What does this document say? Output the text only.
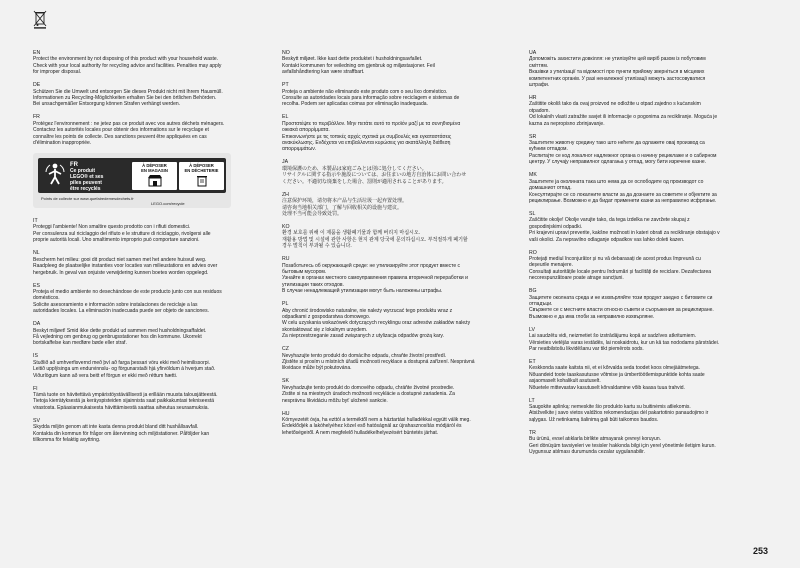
EN
Protect the environment by not disposing of this product with your household waste.
Check with your local authority for recycling advice and facilities. Penalties may apply
for improper disposal.
DE
Schützen Sie die Umwelt und entsorgen Sie dieses Produkt nicht mit Ihrem Hausmüll.
Informationen zu Recycling-Möglichkeiten erhalten Sie bei den örtlichen Behörden.
Bei unsachgemäßer Entsorgung können Strafen verhängt werden.
FR
Protégez l'environnement : ne jetez pas ce produit avec vos autres déchets ménagers.
Contactez les autorités locales pour obtenir des informations sur le recyclage et
connaître les points de collecte. Des sanctions peuvent être appliquées en cas
d'élimination inappropriée.
FR
Ce produit
LEGO® et ses
piles peuvent
être recyclés
À DÉPOSER
EN MAGASIN
À DÉPOSER
EN DÉCHETERIE
Points de collecte sur www.quefairedemesdechets.fr
LEGO.com/recycle
IT
Proteggi l'ambiente! Non smaltire questo prodotto con i rifiuti domestici.
Per consulenza sul riciclaggio del rifiuto e le strutture di riciclaggio, rivolgersi alle
proprie autorità locali. Uno smaltimento improprio può comportare sanzioni.
NL
Bescherm het milieu: gooi dit product niet samen met het andere huisvuil weg.
Raadpleeg de plaatselijke instanties voor locaties van milieustations en advies over
hergebruik. In geval van onjuiste verwijdering kunnen boetes worden opgelegd.
ES
Proteja el medio ambiente no desechándose de este producto junto con sus residuos
domésticos.
Solicite asesoramiento e información sobre instalaciones de reciclaje a las
autoridades locales. La eliminación inadecuada puede ser objeto de sanciones.
DA
Beskyt miljøet! Smid ikke dette produkt ud sammen med husholdningsaffaldet.
Få vejledning om genbrug og genbrugsstationer hos din kommune. Ukorrekt
bortskaffelse kan medføre bøde eller straf.
IS
Stuðlið að umhverfisvernd með því að farga þessari vöru ekki með heimilissorpi.
Leitið upplýsinga um endurvinnslu- og förgunarstaði hjá yfirvöldum á hverjum stað.
Viðurlögum kann að vera beitt ef förgun er ekki með réttum hætti.
FI
Tämä tuote on hävitettävä ympäristöystävällisesti ja erillään muusta talousjätteestä.
Tietoja kierrätyksestä ja keräyspisteiden sijainnista saat paikkakuntasi tekniseestä
virastosta. Epäasianmukaisesta hävittämisestä saattaa aiheutua seuraamuksia.
SV
Skydda miljön genom att inte kasta denna produkt bland ditt hushållsavfall.
Kontakta din kommun för frågor om återvinning och miljöstationer. Påföljder kan
tillkomma för felaktig avyttring.
NO
Beskytt miljøet. Ikke kast dette produktet i husholdningsavfallet.
Kontakt kommunen for veiledning om gjenbruk og miljøstasjoner. Feil
avfallshåndtering kan være straffbart.
PT
Proteja o ambiente não eliminando este produto com o seu lixo doméstico.
Consulte as autoridades locais para informação sobre reciclagem e sistemas de
recolha. Podem ser aplicadas coimas por eliminação inadequada.
EL
Προστατέψτε το περιβάλλον. Μην πετάτε αυτό το προϊόν μαζί με τα συνηθισμένα
οικιακά απορρίμματα.
Επικοινωνήστε με τις τοπικές αρχές σχετικά με συμβουλές και εγκαταστάσεις
ανακύκλωσης. Ενδέχεται να επιβαλλονται κυρώσεις για ακατάλληλη διάθεση
απορριμμάτων.
JA
環境保護のため、本製品は家庭ごみとは別に処分してください。
リサイクルに関する指示や施設については、お住まいの地方自治体にお問い合わせ
ください。不適切な廃棄をした場合、罰則が適用されることがあります。
ZH
注意保护环境，请勿将本产品与生活垃圾一起弃置处理。
请咨询当地相关部门，了解与回收相关的设施与建议。
处理不当可能会导致处罚。
KO
환경 보호를 위해 이 제품을 생활폐기물과 함께 버리지 마십시오.
재활용 방법 및 시설에 관한 사항은 현지 관계 당국에 문의하십시오. 부적절하게 폐기할
경우 벌칙이 부과될 수 있습니다.
RU
Позаботьтесь об окружающей среде: не утилизируйте этот продукт вместе с
бытовым мусором.
Узнайте в органах местного самоуправления правила вторичной переработки и
утилизации таких отходов.
В случае ненадлежащей утилизации могут быть наложены штрафы.
PL
Aby chronić środowisko naturalne, nie należy wyrzucać tego produktu wraz z
odpadkami z gospodarstwa domowego.
W celu uzyskania wskazówek dotyczących recyklingu oraz adresów zakładów należy
skontaktować się z lokalnym urzędem.
Za nieprzestrzeganie zasad związanych z utylizacja odpadów grożą kary.
CZ
Nevyhazujte tento produkt do domácího odpadu, chraňte životní prostředí.
Zjistěte si prosím u místních úřadů možnosti recyklace a dostupná zařízení. Nesprávná
likvidace může být pokutována.
SK
Nevyhadzujte tento produkt do domového odpadu, chráňte životné prostredie.
Zistite si na miestnych úradoch možnosti recyklácie a dostupné zariadenia. Za
nesprávnu likvidáciu môžu byť uložené sankcie.
HU
Környezetét óvja, ha ezttól a terméktől nem a háztartási hulladékkal együtt válik meg.
Érdeklődjék a lakóhelyéhez közel eső hatóságnál az újrahasznosítás módjáról és
lehetőségeiről. A nem megfelelő hulladékelhelyezésért büntetés járhat.
UA
Допоможіть захистити довкілля: не утилізуйте цей виріб разом із побутовим
сміттям.
Вказівки з утилізації та відомості про пункти прийому зверніться в місцевих
компетентних органів. У разі неналежної утилізації можуть застосовуватися
штрафи.
HR
Zaštitite okoliš tako da ovaj proizvod ne odložite u otpad zajedno s kućanskim
otpadom.
Od lokalnih vlasti zatražite savjet ili informacije o pogonima za recikliranje. Moguća je
kazna za nepropisno zbrinjavanje.
SR
Заштитите животну средину тако што нећете да одлажете овај производ са
кућним отпадом.
Распитајте се код локалног надлежног органа о начину рециклаже и о сабирном
центру. У случају неправилног одлагања у отпад, могу бити изречене казне.
MK
Заштитете ја околината така што нема да се ослободите од производот со
домашниот отпад.
Консултирајте се со локалните власти за да дознаете за советите и објектите за
рециклирање. Возможно е да бидат применети казни за неправилно исфрлање.
SL
Zaščitite okolje! Okolje varujte tako, da tega izdelka ne zavržete skupaj z
gospodinjskimi odpadki.
Pri krajevni upravi preverite, kakšne možnosti in kateri obrati za recikliranje obstajajo v
vaši okolici. Za nepravilno odlaganje odpadkov vas lahko doleti kazen.
RO
Protejați mediul înconjurător și nu vă debarasați de acest produs împreună cu
deșeurile menajere.
Consultați autoritățile locale pentru îndrumări și facilități de reciclare. Dezafectarea
necorespunzătoare poate atrage sancțiuni.
BG
Защитете околната среда и не изхвърляйте този продукт заедно с битовите си
отпадъци.
Свържете се с местните власти относно съвети и съоръжения за рециклиране.
Възможно е да има глоби за неправилно изхвърляне.
LV
Lai saudzētu vidi, neizmetiet šo izstrādājumu kopā ar sadzīves atkritumiem.
Vērsieties vietējās varas iestādēs, lai noskaidrotu, kur un kā tas nododams pārstrādei.
Par neatbilstošu likvidēšanu var tikt piemērots sods.
ET
Keskkonda saate kaitsta nii, et ei kõrvalda seda toodet koos olmejäätmetega.
Nõuandeid toote taaskasutusse võtmise ja ümbertöötlemispunktide kohta saate
asjaomaselt kohalikult asutuselt.
Nõuetele mittevastav kasutuselt kõrvaldamine võib kaasa tuua trahvid.
LT
Saugokite aplinką: nemeskite šio produkto kartu su buitinėmis atliekomis.
Atsižvelkite į savo vietos valdžios rekomendacijas dėl pakartotinio panaudojimo ir
sąlygas. Už netinkamą šalinimą gali būti taikomos baudos.
TR
Bu ürünü, evsel atıklarla birlikte atmayarak çevreyi koruyun.
Geri dönüşüm tavsiyeleri ve tesisler hakkında bilgi için yerel yönetimle iletişim kurun.
Uygunsuz atılması durumunda cezalar uygulanabilir.
253
